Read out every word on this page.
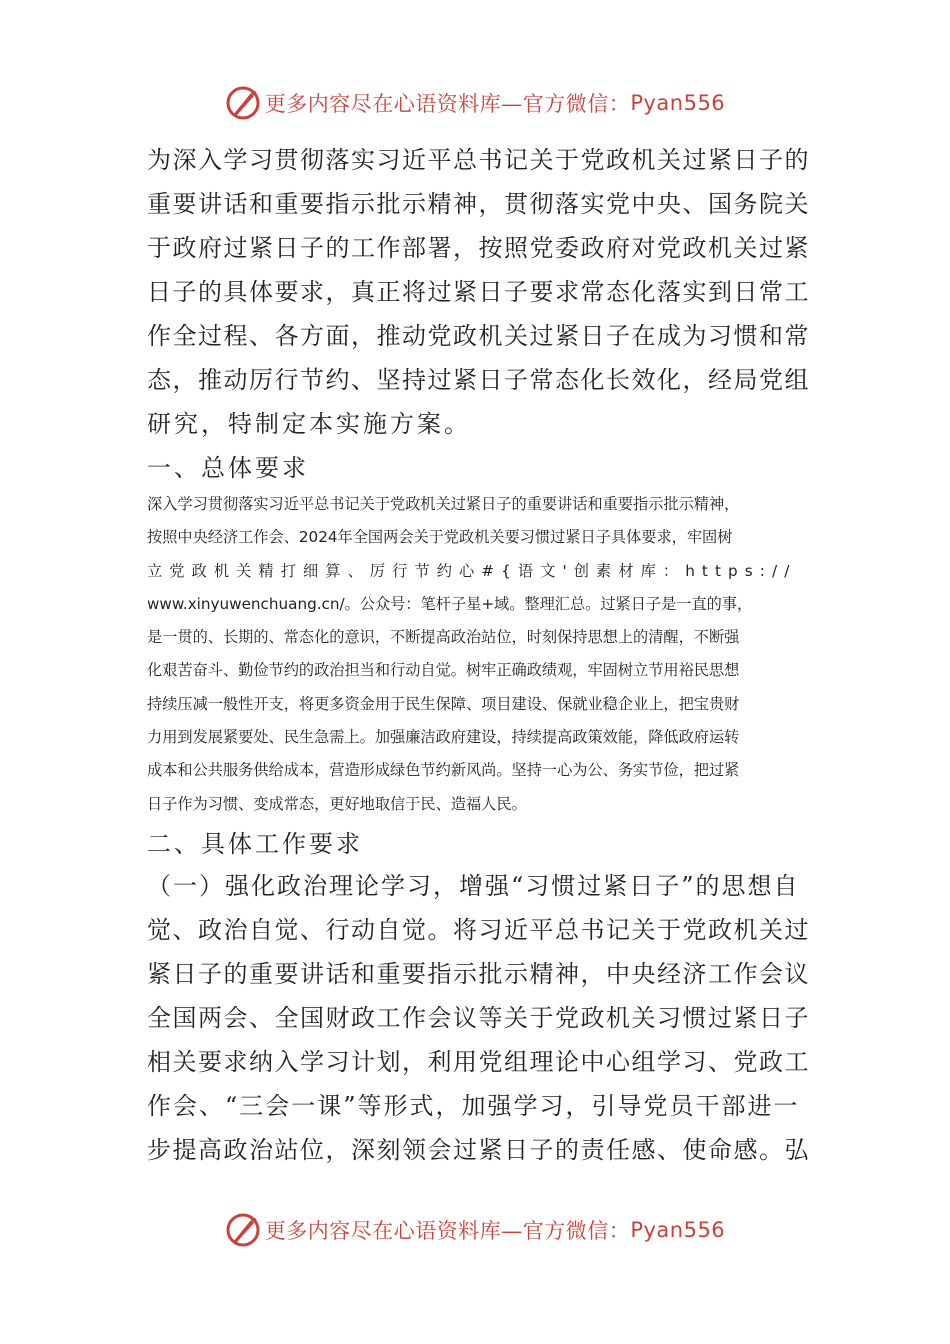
更多内容尽在心语资料库—官方微信： Pyan556

为深入学习贯彻落实习近平总书记关于党政机关过紧日子的

重要讲话和重要指示批示精神，贯彻落实党中央、国务院关

于政府过紧日子的工作部署，按照党委政府对党政机关过紧

日子的具体要求，真正将过紧日子要求常态化落实到日常工

作全过程、各方面，推动党政机关过紧日子在成为习惯和常

态，推动厉行节约、坚持过紧日子常态化长效化，经局党组

研究，特制定本实施方案。

一、总体要求

深入学习贯彻落实习近平总书记关于党政机关过紧日子的重要讲话和重要指示批示精神，
按照中央经济工作会、2024年全国两会关于党政机关要习惯过紧日子具体要求，牢固树
立党政机关精打细算、厉行节约心#{语文'创素材库：https://
www.xinyuwenchuang.cn/。公众号：笔杆子星+域。整理汇总。过紧日子是一直的事，
是一贯的、长期的、常态化的意识，不断提高政治站位，时刻保持思想上的清醒，不断强
化艰苦奋斗、勤俭节约的政治担当和行动自觉。树牢正确政绩观，牢固树立节用裕民思想
持续压减一般性开支，将更多资金用于民生保障、项目建设、保就业稳企业上，把宝贵财
力用到发展紧要处、民生急需上。加强廉洁政府建设，持续提高政策效能，降低政府运转
成本和公共服务供给成本，营造形成绿色节约新风尚。坚持一心为公、务实节俭，把过紧
日子作为习惯、变成常态，更好地取信于民、造福人民。

二、具体工作要求

（一）强化政治理论学习，增强“习惯过紧日子”的思想自

觉、政治自觉、行动自觉。将习近平总书记关于党政机关过

紧日子的重要讲话和重要指示批示精神，中央经济工作会议

全国两会、全国财政工作会议等关于党政机关习惯过紧日子

相关要求纳入学习计划，利用党组理论中心组学习、党政工

作会、“三会一课”等形式，加强学习，引导党员干部进一

步提高政治站位，深刻领会过紧日子的责任感、使命感。弘

更多内容尽在心语资料库—官方微信： Pyan556
